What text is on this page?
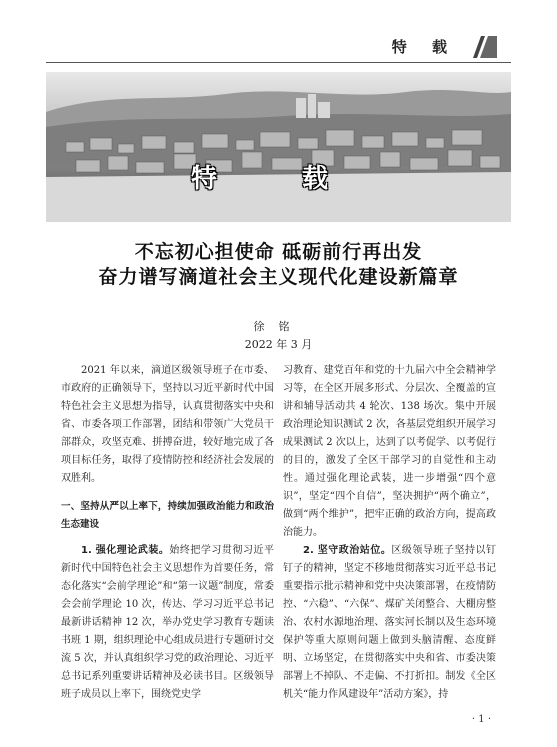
特 载
特 载
不忘初心担使命 砥砺前行再出发
奋力谱写滴道社会主义现代化建设新篇章
徐铭
2022 年 3 月

2021 年以来，滴道区级领导班子在市委、市政府的正确领导下，坚持以习近平新时代中国特色社会主义思想为指导，认真贯彻落实中央和省、市委各项工作部署，团结和带领广大党员干部群众，攻坚克难、拼搏奋进，较好地完成了各项目标任务，取得了疫情防控和经济社会发展的双胜利。

一、坚持从严以上率下，持续加强政治能力和政治生态建设

1. 强化理论武装。始终把学习贯彻习近平新时代中国特色社会主义思想作为首要任务，常态化落实“会前学理论”和“第一议题”制度，常委会会前学理论 10 次，传达、学习习近平总书记最新讲话精神 12 次，举办党史学习教育专题读书班 1 期，组织理论中心组成员进行专题研讨交流 5 次，并认真组织学习党的政治理论、习近平总书记系列重要讲话精神及必读书目。区级领导班子成员以上率下，围绕党史学

习教育、建党百年和党的十九届六中全会精神学习等，在全区开展多形式、分层次、全覆盖的宣讲和辅导活动共 4 轮次、138 场次。集中开展政治理论知识测试 2 次，各基层党组织开展学习成果测试 2 次以上，达到了以考促学、以考促行的目的，激发了全区干部学习的自觉性和主动性。通过强化理论武装，进一步增强“四个意识”，坚定“四个自信”，坚决拥护“两个确立”，做到“两个维护”，把牢正确的政治方向，提高政治能力。

2. 坚守政治站位。区级领导班子坚持以钉钉子的精神，坚定不移地贯彻落实习近平总书记重要指示批示精神和党中央决策部署，在疫情防控、“六稳”、“六保”、煤矿关闭整合、大棚房整治、农村水源地治理、落实河长制以及生态环境保护等重大原则问题上做到头脑清醒、态度鲜明、立场坚定，在贯彻落实中央和省、市委决策部署上不掉队、不走偏、不打折扣。制发《全区机关“能力作风建设年”活动方案》，持

· 1 ·
